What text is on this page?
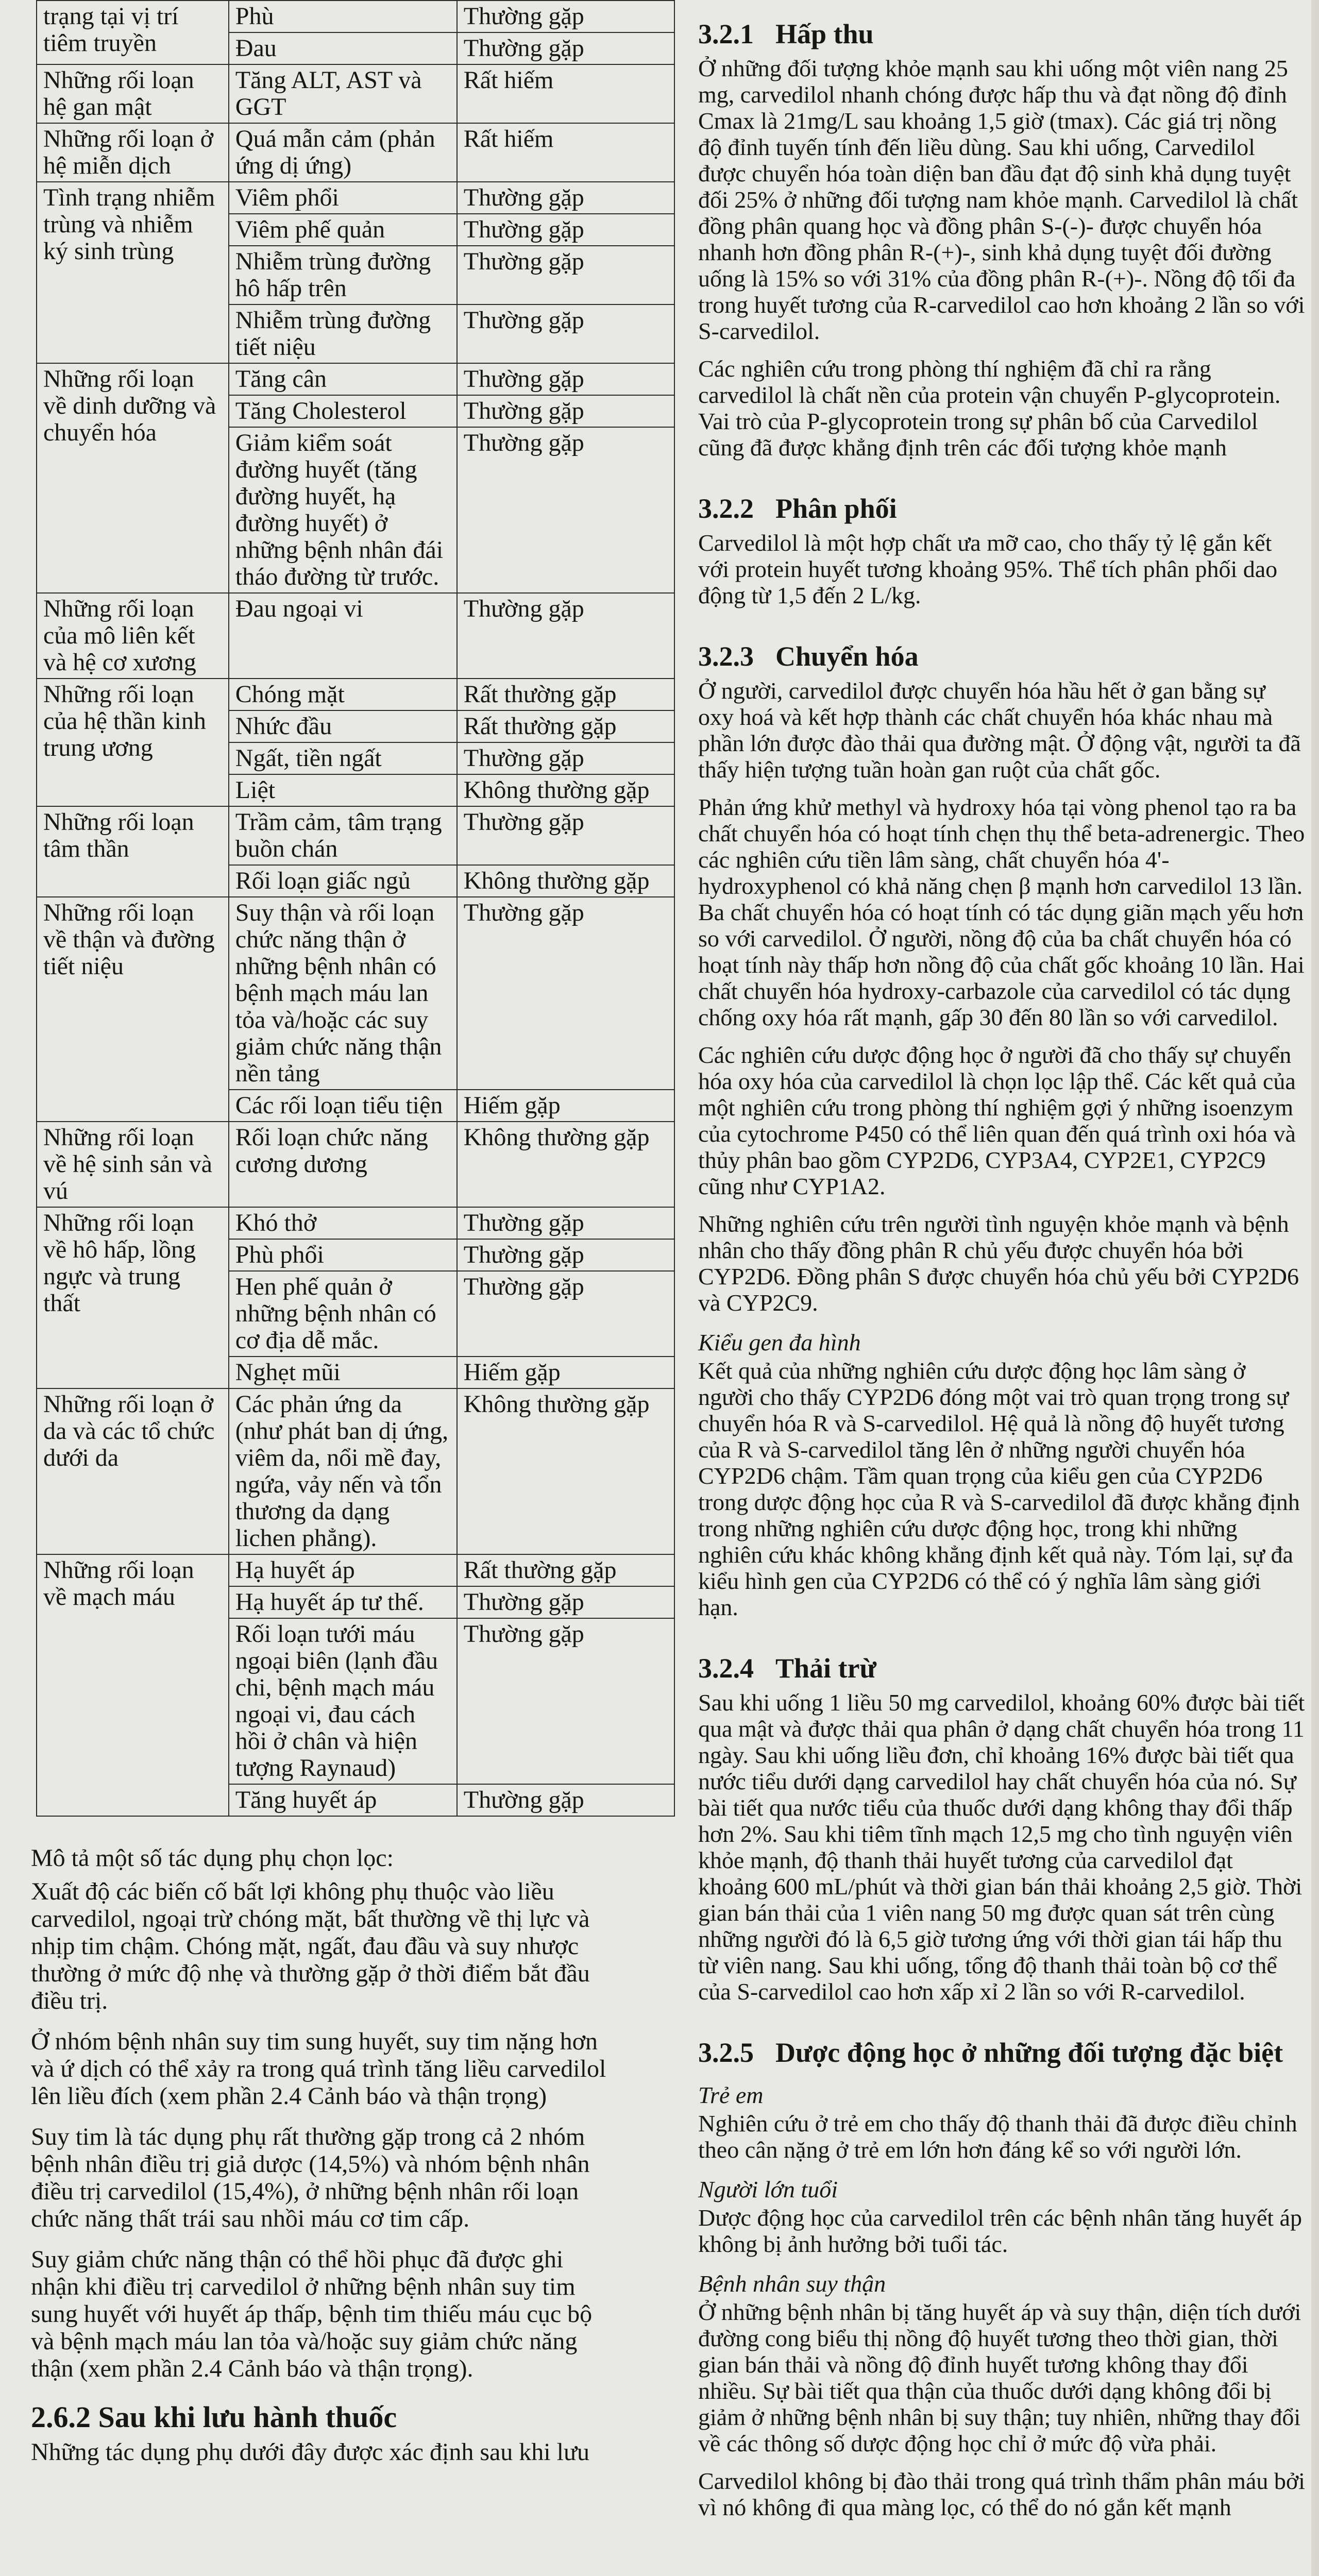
trạng tại vị trí tiêm truyền	Phù	Thường gặp
	Đau	Thường gặp
Những rối loạn hệ gan mật	Tăng ALT, AST và GGT	Rất hiếm
Những rối loạn ở hệ miễn dịch	Quá mẫn cảm (phản ứng dị ứng)	Rất hiếm
Tình trạng nhiễm trùng và nhiễm ký sinh trùng	Viêm phổi	Thường gặp
	Viêm phế quản	Thường gặp
	Nhiễm trùng đường hô hấp trên	Thường gặp
	Nhiễm trùng đường tiết niệu	Thường gặp
Những rối loạn về dinh dưỡng và chuyển hóa	Tăng cân	Thường gặp
	Tăng Cholesterol	Thường gặp
	Giảm kiểm soát đường huyết (tăng đường huyết, hạ đường huyết) ở những bệnh nhân đái tháo đường từ trước.	Thường gặp
Những rối loạn của mô liên kết và hệ cơ xương	Đau ngoại vi	Thường gặp
Những rối loạn của hệ thần kinh trung ương	Chóng mặt	Rất thường gặp
	Nhức đầu	Rất thường gặp
	Ngất, tiền ngất	Thường gặp
	Liệt	Không thường gặp
Những rối loạn tâm thần	Trầm cảm, tâm trạng buồn chán	Thường gặp
	Rối loạn giấc ngủ	Không thường gặp
Những rối loạn về thận và đường tiết niệu	Suy thận và rối loạn chức năng thận ở những bệnh nhân có bệnh mạch máu lan tỏa và/hoặc các suy giảm chức năng thận nền tảng	Thường gặp
	Các rối loạn tiểu tiện	Hiếm gặp
Những rối loạn về hệ sinh sản và vú	Rối loạn chức năng cương dương	Không thường gặp
Những rối loạn về hô hấp, lồng ngực và trung thất	Khó thở	Thường gặp
	Phù phổi	Thường gặp
	Hen phế quản ở những bệnh nhân có cơ địa dễ mắc.	Thường gặp
	Nghẹt mũi	Hiếm gặp
Những rối loạn ở da và các tổ chức dưới da	Các phản ứng da (như phát ban dị ứng, viêm da, nổi mề đay, ngứa, vảy nến và tổn thương da dạng lichen phẳng).	Không thường gặp
Những rối loạn về mạch máu	Hạ huyết áp	Rất thường gặp
	Hạ huyết áp tư thế.	Thường gặp
	Rối loạn tưới máu ngoại biên (lạnh đầu chi, bệnh mạch máu ngoại vi, đau cách hồi ở chân và hiện tượng Raynaud)	Thường gặp
	Tăng huyết áp	Thường gặp

Mô tả một số tác dụng phụ chọn lọc:

Xuất độ các biến cố bất lợi không phụ thuộc vào liều carvedilol, ngoại trừ chóng mặt, bất thường về thị lực và nhịp tim chậm. Chóng mặt, ngất, đau đầu và suy nhược thường ở mức độ nhẹ và thường gặp ở thời điểm bắt đầu điều trị.

Ở nhóm bệnh nhân suy tim sung huyết, suy tim nặng hơn và ứ dịch có thể xảy ra trong quá trình tăng liều carvedilol lên liều đích (xem phần 2.4 Cảnh báo và thận trọng)

Suy tim là tác dụng phụ rất thường gặp trong cả 2 nhóm bệnh nhân điều trị giả dược (14,5%) và nhóm bệnh nhân điều trị carvedilol (15,4%), ở những bệnh nhân rối loạn chức năng thất trái sau nhồi máu cơ tim cấp.

Suy giảm chức năng thận có thể hồi phục đã được ghi nhận khi điều trị carvedilol ở những bệnh nhân suy tim sung huyết với huyết áp thấp, bệnh tim thiếu máu cục bộ và bệnh mạch máu lan tỏa và/hoặc suy giảm chức năng thận (xem phần 2.4 Cảnh báo và thận trọng).

2.6.2 Sau khi lưu hành thuốc

Những tác dụng phụ dưới đây được xác định sau khi lưu

3.2.1 Hấp thu

Ở những đối tượng khỏe mạnh sau khi uống một viên nang 25 mg, carvedilol nhanh chóng được hấp thu và đạt nồng độ đỉnh Cmax là 21mg/L sau khoảng 1,5 giờ (tmax). Các giá trị nồng độ đỉnh tuyến tính đến liều dùng. Sau khi uống, Carvedilol được chuyển hóa toàn diện ban đầu đạt độ sinh khả dụng tuyệt đối 25% ở những đối tượng nam khỏe mạnh. Carvedilol là chất đồng phân quang học và đồng phân S-(-)- được chuyển hóa nhanh hơn đồng phân R-(+)-, sinh khả dụng tuyệt đối đường uống là 15% so với 31% của đồng phân R-(+)-. Nồng độ tối đa trong huyết tương của R-carvedilol cao hơn khoảng 2 lần so với S-carvedilol.

Các nghiên cứu trong phòng thí nghiệm đã chỉ ra rằng carvedilol là chất nền của protein vận chuyển P-glycoprotein. Vai trò của P-glycoprotein trong sự phân bố của Carvedilol cũng đã được khẳng định trên các đối tượng khỏe mạnh

3.2.2 Phân phối

Carvedilol là một hợp chất ưa mỡ cao, cho thấy tỷ lệ gắn kết với protein huyết tương khoảng 95%. Thể tích phân phối dao động từ 1,5 đến 2 L/kg.

3.2.3 Chuyển hóa

Ở người, carvedilol được chuyển hóa hầu hết ở gan bằng sự oxy hoá và kết hợp thành các chất chuyển hóa khác nhau mà phần lớn được đào thải qua đường mật. Ở động vật, người ta đã thấy hiện tượng tuần hoàn gan ruột của chất gốc.

Phản ứng khử methyl và hydroxy hóa tại vòng phenol tạo ra ba chất chuyển hóa có hoạt tính chẹn thụ thể beta-adrenergic. Theo các nghiên cứu tiền lâm sàng, chất chuyển hóa 4'-hydroxyphenol có khả năng chẹn β mạnh hơn carvedilol 13 lần. Ba chất chuyển hóa có hoạt tính có tác dụng giãn mạch yếu hơn so với carvedilol. Ở người, nồng độ của ba chất chuyển hóa có hoạt tính này thấp hơn nồng độ của chất gốc khoảng 10 lần. Hai chất chuyển hóa hydroxy-carbazole của carvedilol có tác dụng chống oxy hóa rất mạnh, gấp 30 đến 80 lần so với carvedilol.

Các nghiên cứu dược động học ở người đã cho thấy sự chuyển hóa oxy hóa của carvedilol là chọn lọc lập thể. Các kết quả của một nghiên cứu trong phòng thí nghiệm gợi ý những isoenzym của cytochrome P450 có thể liên quan đến quá trình oxi hóa và thủy phân bao gồm CYP2D6, CYP3A4, CYP2E1, CYP2C9 cũng như CYP1A2.

Những nghiên cứu trên người tình nguyện khỏe mạnh và bệnh nhân cho thấy đồng phân R chủ yếu được chuyển hóa bởi CYP2D6. Đồng phân S được chuyển hóa chủ yếu bởi CYP2D6 và CYP2C9.

Kiểu gen đa hình

Kết quả của những nghiên cứu dược động học lâm sàng ở người cho thấy CYP2D6 đóng một vai trò quan trọng trong sự chuyển hóa R và S-carvedilol. Hệ quả là nồng độ huyết tương của R và S-carvedilol tăng lên ở những người chuyển hóa CYP2D6 chậm. Tầm quan trọng của kiểu gen của CYP2D6 trong dược động học của R và S-carvedilol đã được khẳng định trong những nghiên cứu dược động học, trong khi những nghiên cứu khác không khẳng định kết quả này. Tóm lại, sự đa kiểu hình gen của CYP2D6 có thể có ý nghĩa lâm sàng giới hạn.

3.2.4 Thải trừ

Sau khi uống 1 liều 50 mg carvedilol, khoảng 60% được bài tiết qua mật và được thải qua phân ở dạng chất chuyển hóa trong 11 ngày. Sau khi uống liều đơn, chỉ khoảng 16% được bài tiết qua nước tiểu dưới dạng carvedilol hay chất chuyển hóa của nó. Sự bài tiết qua nước tiểu của thuốc dưới dạng không thay đổi thấp hơn 2%. Sau khi tiêm tĩnh mạch 12,5 mg cho tình nguyện viên khỏe mạnh, độ thanh thải huyết tương của carvedilol đạt khoảng 600 mL/phút và thời gian bán thải khoảng 2,5 giờ. Thời gian bán thải của 1 viên nang 50 mg được quan sát trên cùng những người đó là 6,5 giờ tương ứng với thời gian tái hấp thu từ viên nang. Sau khi uống, tổng độ thanh thải toàn bộ cơ thể của S-carvedilol cao hơn xấp xỉ 2 lần so với R-carvedilol.

3.2.5 Dược động học ở những đối tượng đặc biệt

Trẻ em

Nghiên cứu ở trẻ em cho thấy độ thanh thải đã được điều chỉnh theo cân nặng ở trẻ em lớn hơn đáng kể so với người lớn.

Người lớn tuổi

Dược động học của carvedilol trên các bệnh nhân tăng huyết áp không bị ảnh hưởng bởi tuổi tác.

Bệnh nhân suy thận

Ở những bệnh nhân bị tăng huyết áp và suy thận, diện tích dưới đường cong biểu thị nồng độ huyết tương theo thời gian, thời gian bán thải và nồng độ đỉnh huyết tương không thay đổi nhiều. Sự bài tiết qua thận của thuốc dưới dạng không đổi bị giảm ở những bệnh nhân bị suy thận; tuy nhiên, những thay đổi về các thông số dược động học chỉ ở mức độ vừa phải.

Carvedilol không bị đào thải trong quá trình thẩm phân máu bởi vì nó không đi qua màng lọc, có thể do nó gắn kết mạnh
